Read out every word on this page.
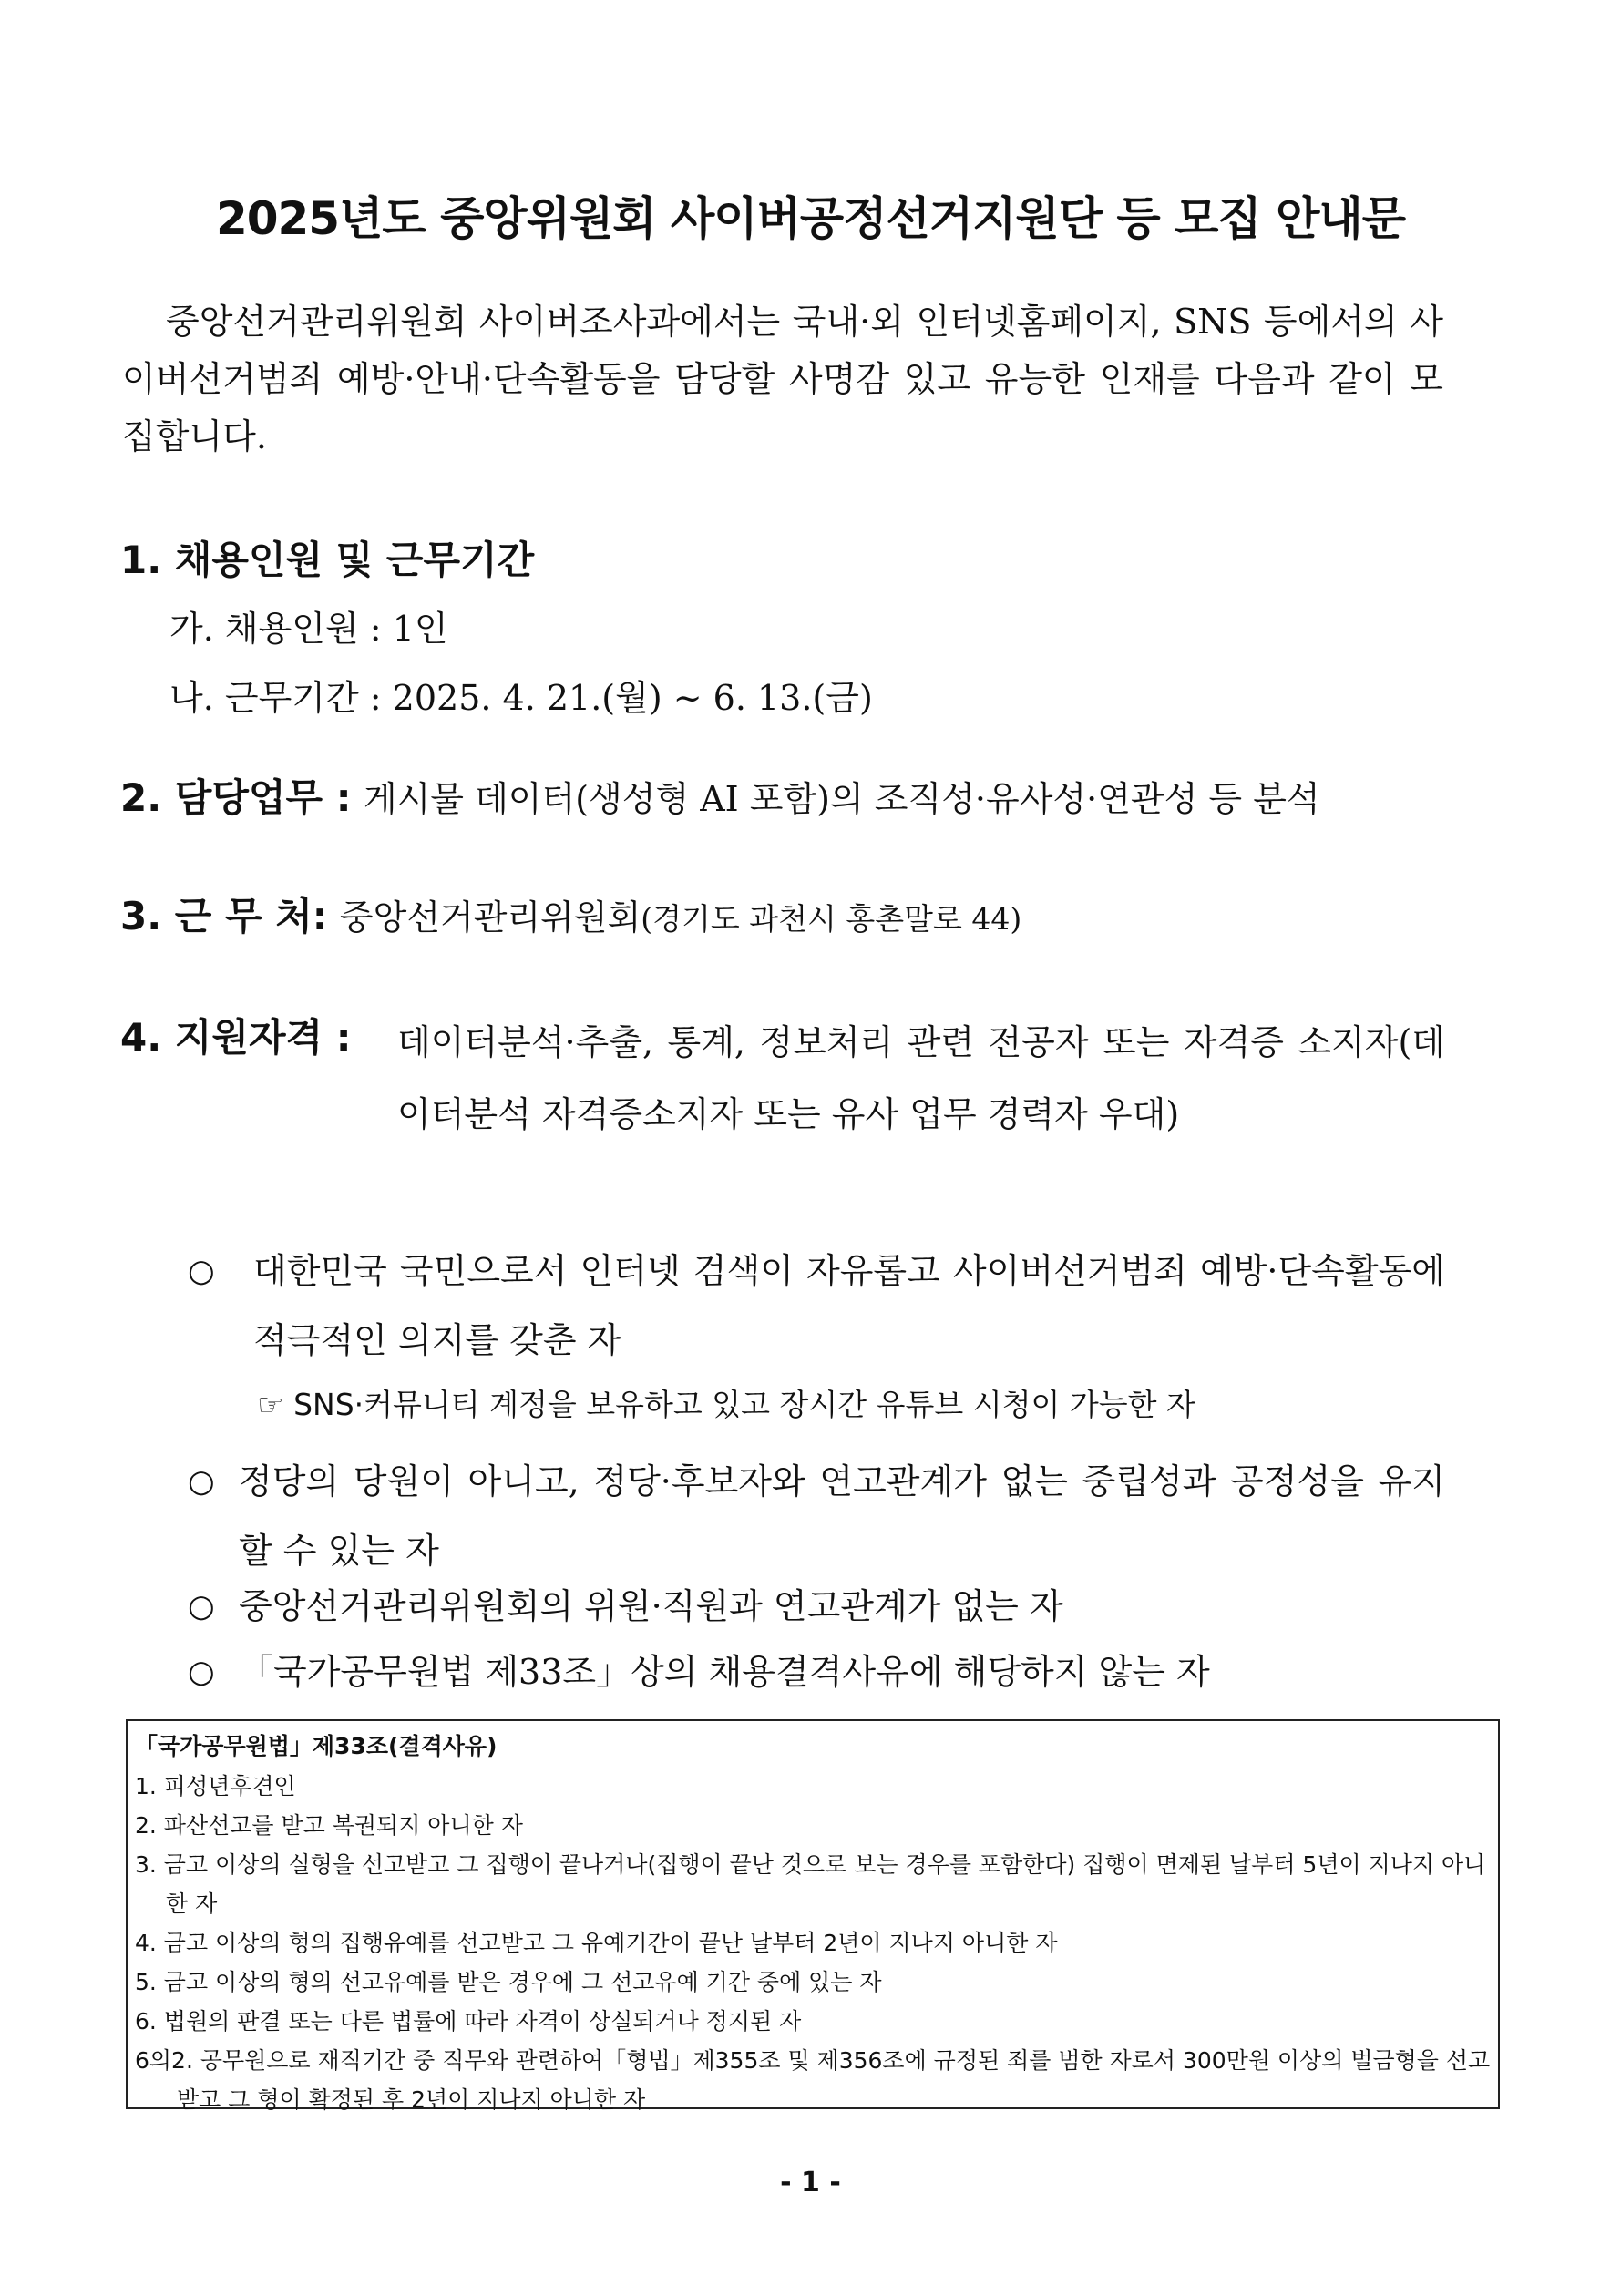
2025년도 중앙위원회 사이버공정선거지원단 등 모집 안내문
중앙선거관리위원회 사이버조사과에서는 국내·외 인터넷홈페이지, SNS 등에서의 사이버선거범죄 예방·안내·단속활동을 담당할 사명감 있고 유능한 인재를 다음과 같이 모집합니다.
1. 채용인원 및 근무기간
가. 채용인원 : 1인
나. 근무기간 : 2025. 4. 21.(월) ~ 6. 13.(금)
2. 담당업무 : 게시물 데이터(생성형 AI 포함)의 조직성·유사성·연관성 등 분석
3. 근 무 처: 중앙선거관리위원회(경기도 과천시 홍촌말로 44)
4. 지원자격 : 데이터분석·추출, 통계, 정보처리 관련 전공자 또는 자격증 소지자(데이터분석 자격증소지자 또는 유사 업무 경력자 우대)
○	대한민국 국민으로서 인터넷 검색이 자유롭고 사이버선거범죄 예방·단속활동에 적극적인 의지를 갖춘 자
☞ SNS·커뮤니티 계정을 보유하고 있고 장시간 유튜브 시청이 가능한 자
○ 정당의 당원이 아니고, 정당·후보자와 연고관계가 없는 중립성과 공정성을 유지할 수 있는 자
○ 중앙선거관리위원회의 위원·직원과 연고관계가 없는 자
○ 「국가공무원법 제33조」상의 채용결격사유에 해당하지 않는 자
「국가공무원법」제33조(결격사유)
1. 피성년후견인
2. 파산선고를 받고 복권되지 아니한 자
3. 금고 이상의 실형을 선고받고 그 집행이 끝나거나(집행이 끝난 것으로 보는 경우를 포함한다) 집행이 면제된 날부터 5년이 지나지 아니한 자
4. 금고 이상의 형의 집행유예를 선고받고 그 유예기간이 끝난 날부터 2년이 지나지 아니한 자
5. 금고 이상의 형의 선고유예를 받은 경우에 그 선고유예 기간 중에 있는 자
6. 법원의 판결 또는 다른 법률에 따라 자격이 상실되거나 정지된 자
6의2. 공무원으로 재직기간 중 직무와 관련하여「형법」제355조 및 제356조에 규정된 죄를 범한 자로서 300만원 이상의 벌금형을 선고받고 그 형이 확정된 후 2년이 지나지 아니한 자
- 1 -
